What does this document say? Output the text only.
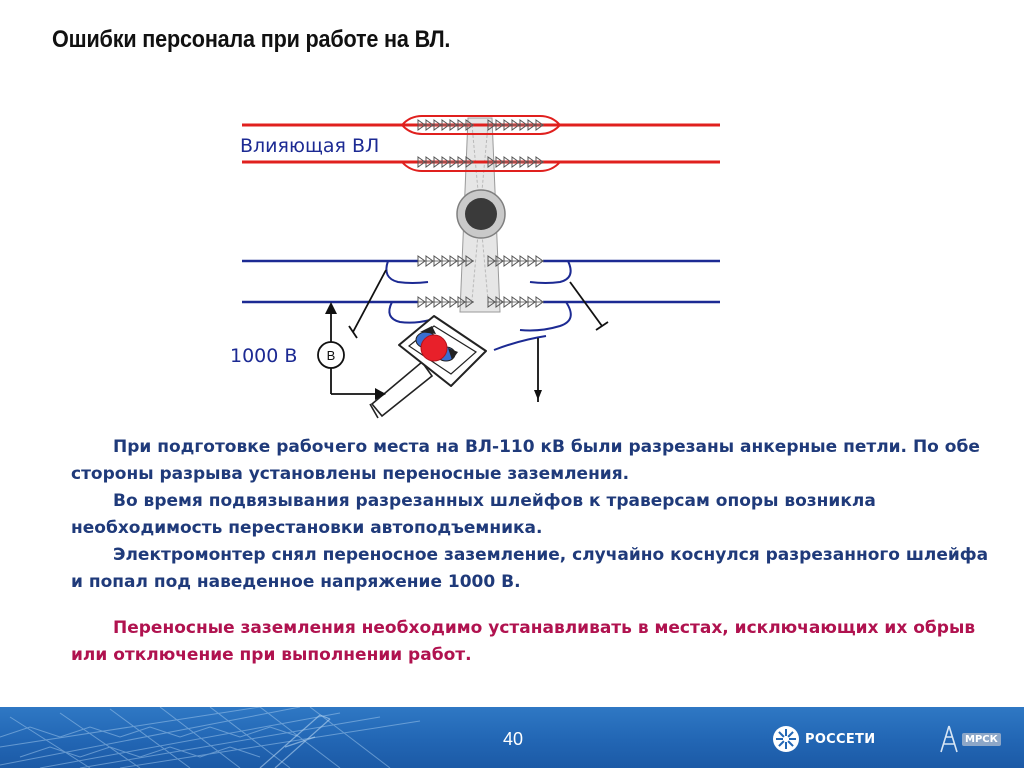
Ошибки персонала при работе на ВЛ.
В
Влияющая ВЛ
1000 В

При подготовке рабочего места на ВЛ-110 кВ были разрезаны анкерные петли. По обе стороны разрыва установлены переносные заземления.

Во время подвязывания разрезанных шлейфов к траверсам опоры возникла необходимость перестановки автоподъемника.

Электромонтер снял переносное заземление, случайно коснулся разрезанного шлейфа и попал под наведенное напряжение 1000 В.

Переносные заземления необходимо устанавливать в местах, исключающих их обрыв или отключение при выполнении работ.

40	РОССЕТИ	МРСК
